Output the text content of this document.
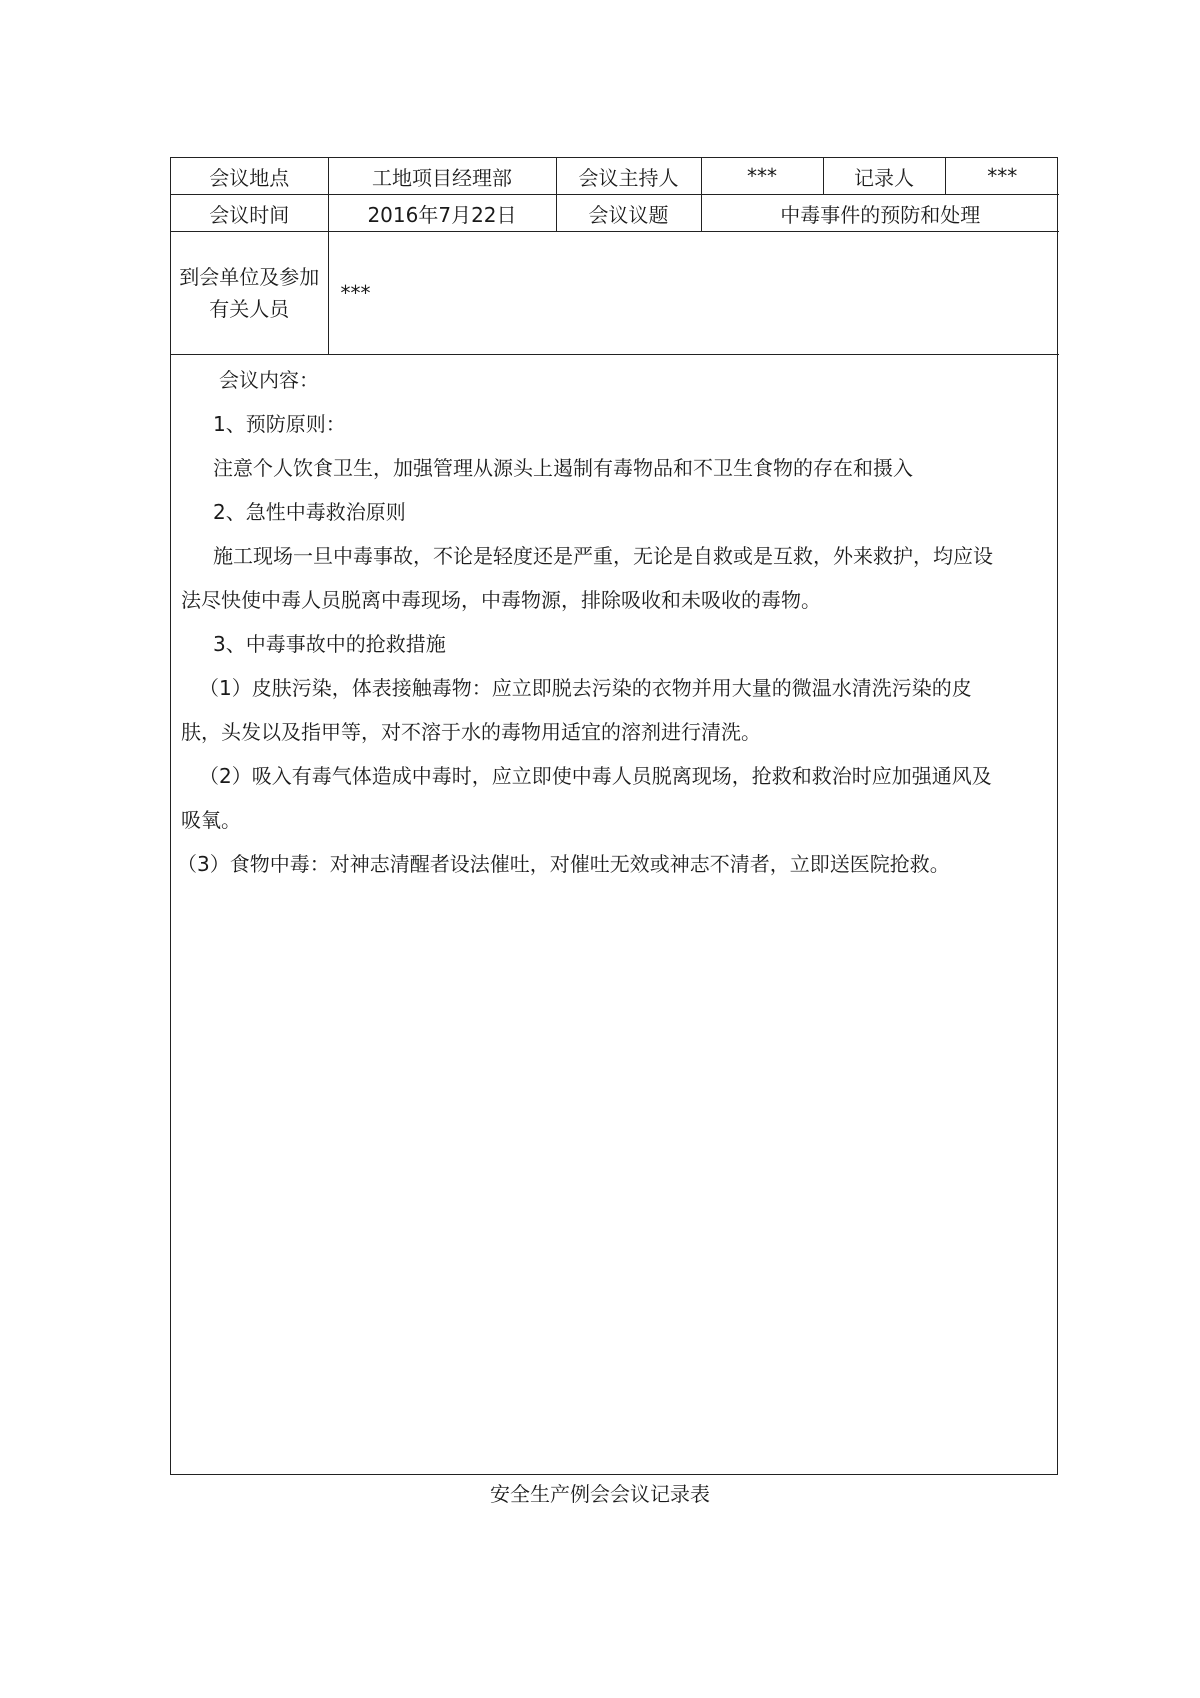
会议地点	工地项目经理部	会议主持人	***	记录人	***
会议时间	2016年7月22日	会议议题	中毒事件的预防和处理		
到会单位及参加有关人员	***				
会议内容：
1、预防原则：
注意个人饮食卫生，加强管理从源头上遏制有毒物品和不卫生食物的存在和摄入
2、急性中毒救治原则
施工现场一旦中毒事故，不论是轻度还是严重，无论是自救或是互救，外来救护，均应设
法尽快使中毒人员脱离中毒现场，中毒物源，排除吸收和未吸收的毒物。
3、中毒事故中的抢救措施
（1）皮肤污染，体表接触毒物：应立即脱去污染的衣物并用大量的微温水清洗污染的皮
肤，头发以及指甲等，对不溶于水的毒物用适宜的溶剂进行清洗。
（2）吸入有毒气体造成中毒时，应立即使中毒人员脱离现场，抢救和救治时应加强通风及
吸氧。
（3）食物中毒：对神志清醒者设法催吐，对催吐无效或神志不清者，立即送医院抢救。
安全生产例会会议记录表
